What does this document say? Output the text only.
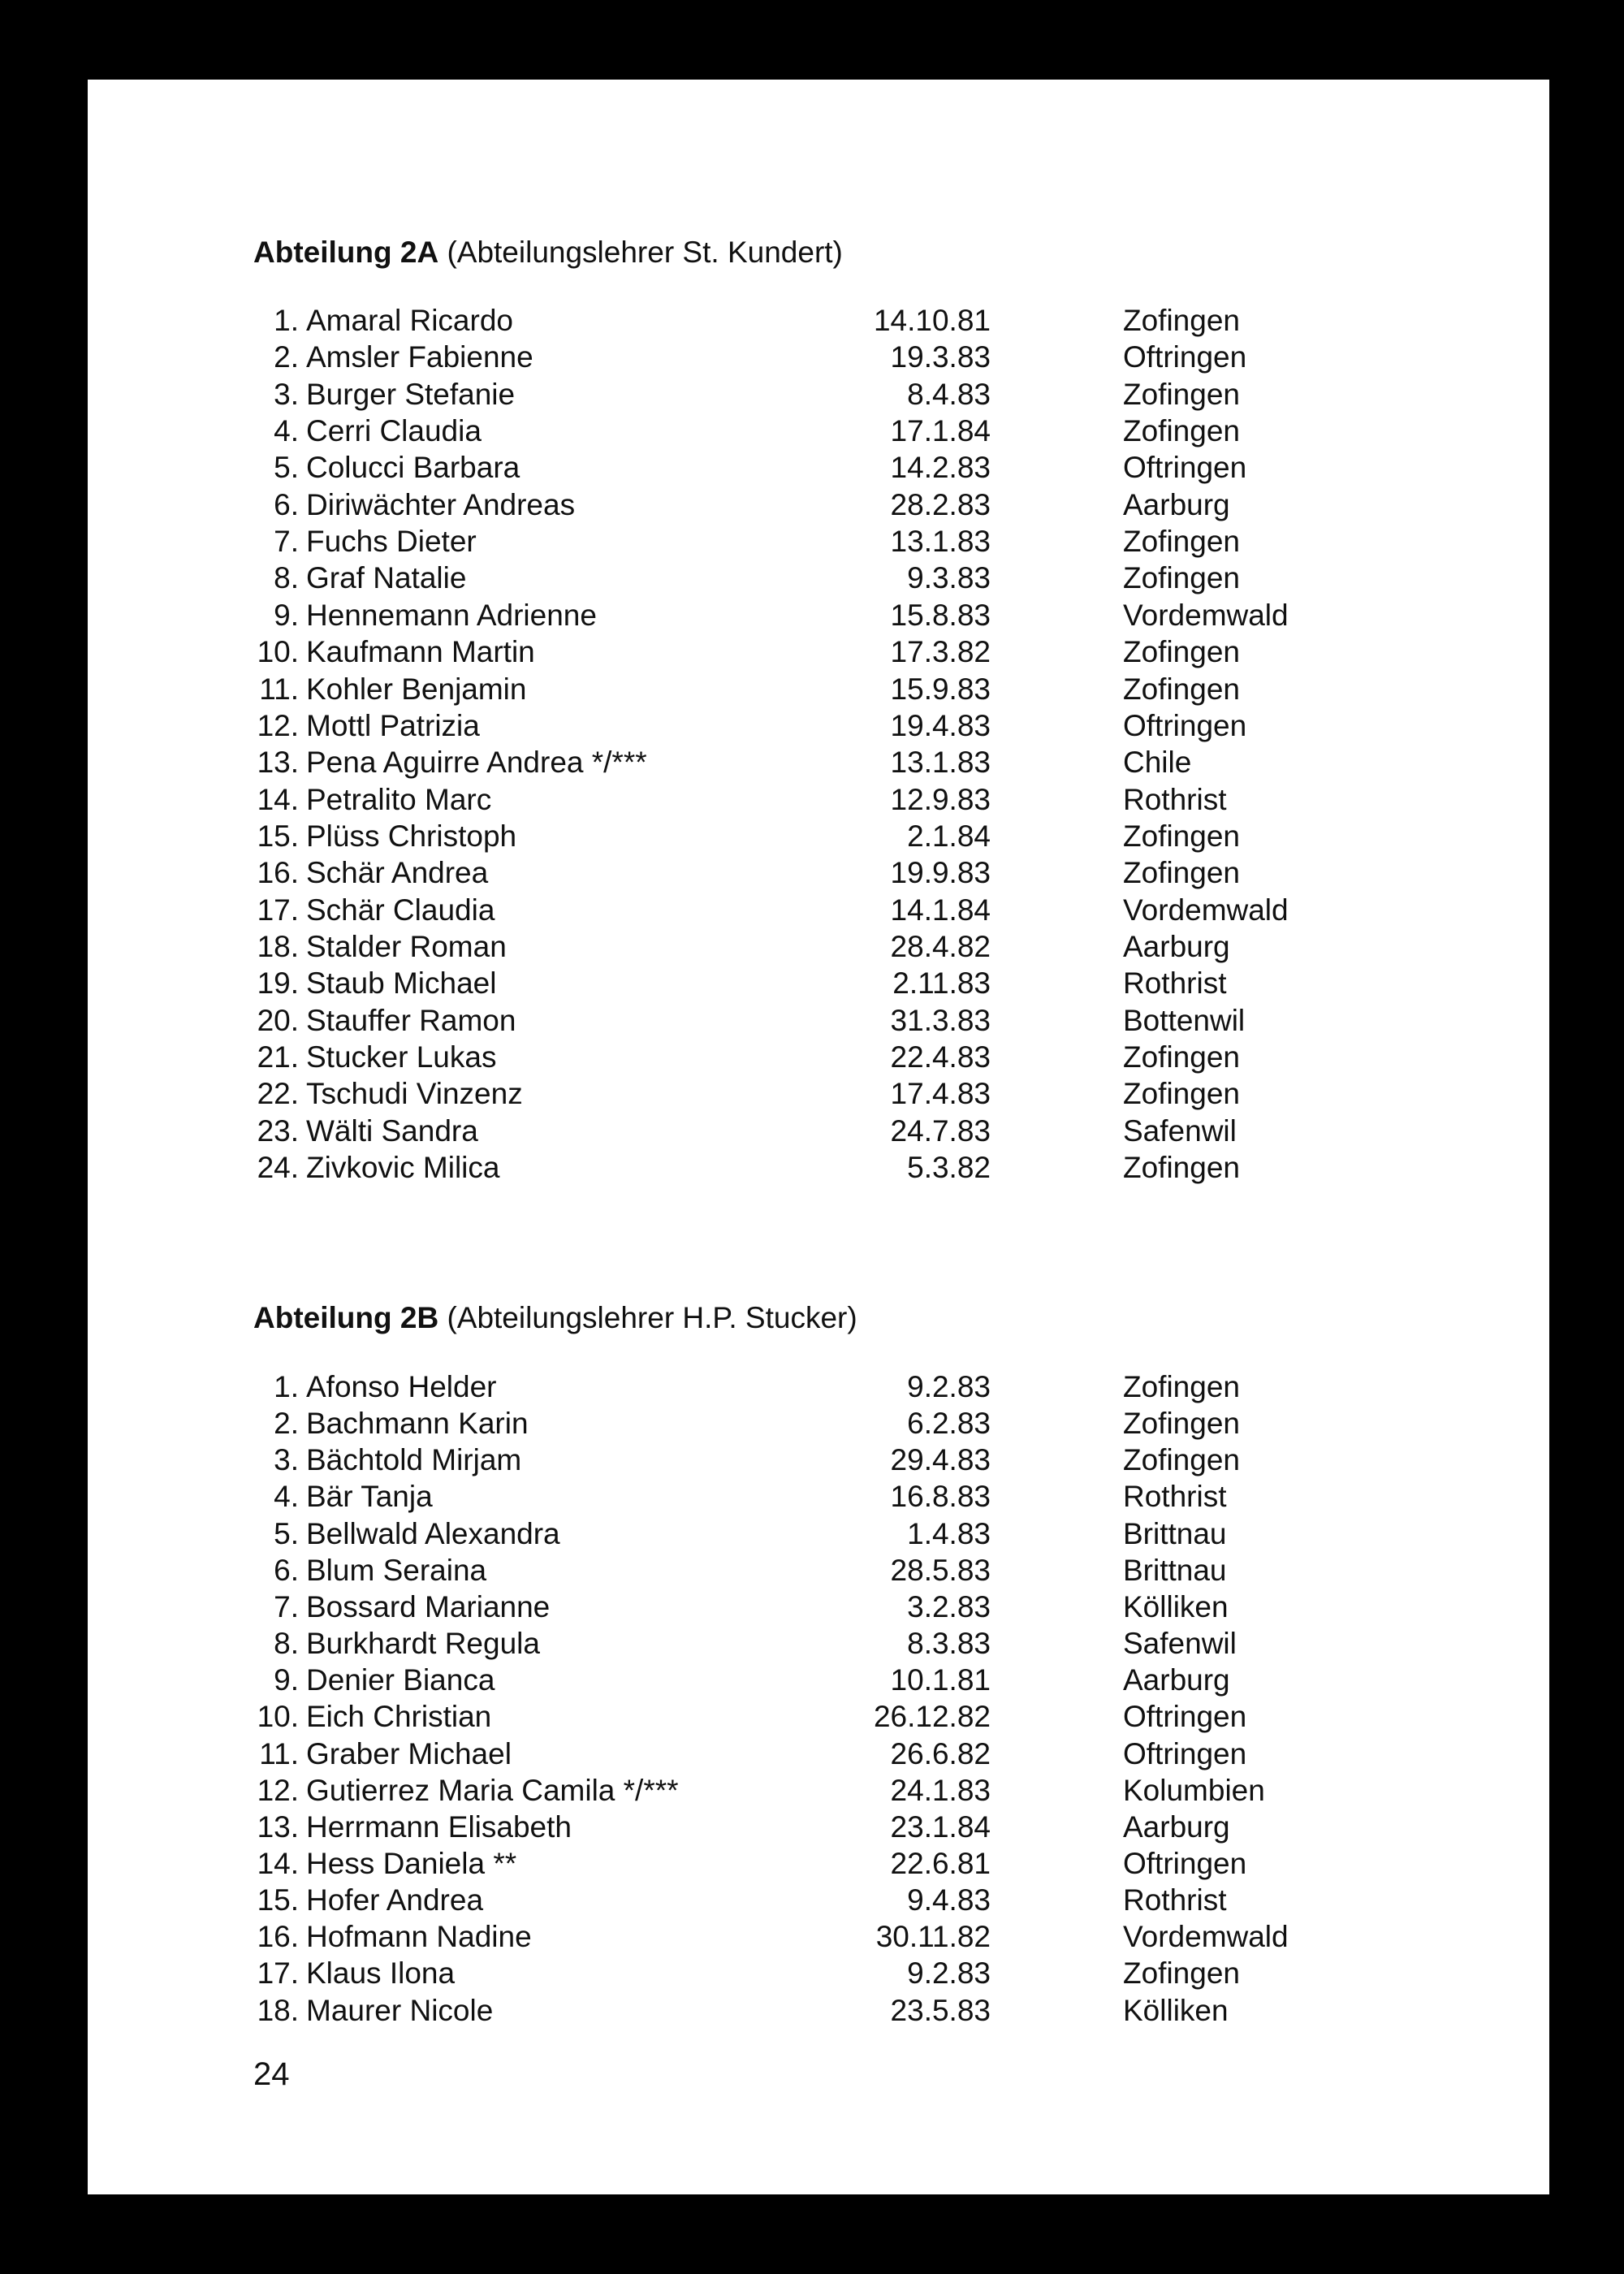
Abteilung 2A (Abteilungslehrer St. Kundert)
1. Amaral Ricardo	14.10.81	Zofingen
2. Amsler Fabienne	19.3.83	Oftringen
3. Burger Stefanie	8.4.83	Zofingen
4. Cerri Claudia	17.1.84	Zofingen
5. Colucci Barbara	14.2.83	Oftringen
6. Diriwächter Andreas	28.2.83	Aarburg
7. Fuchs Dieter	13.1.83	Zofingen
8. Graf Natalie	9.3.83	Zofingen
9. Hennemann Adrienne	15.8.83	Vordemwald
10. Kaufmann Martin	17.3.82	Zofingen
11. Kohler Benjamin	15.9.83	Zofingen
12. Mottl Patrizia	19.4.83	Oftringen
13. Pena Aguirre Andrea */***	13.1.83	Chile
14. Petralito Marc	12.9.83	Rothrist
15. Plüss Christoph	2.1.84	Zofingen
16. Schär Andrea	19.9.83	Zofingen
17. Schär Claudia	14.1.84	Vordemwald
18. Stalder Roman	28.4.82	Aarburg
19. Staub Michael	2.11.83	Rothrist
20. Stauffer Ramon	31.3.83	Bottenwil
21. Stucker Lukas	22.4.83	Zofingen
22. Tschudi Vinzenz	17.4.83	Zofingen
23. Wälti Sandra	24.7.83	Safenwil
24. Zivkovic Milica	5.3.82	Zofingen
Abteilung 2B (Abteilungslehrer H.P. Stucker)
1. Afonso Helder	9.2.83	Zofingen
2. Bachmann Karin	6.2.83	Zofingen
3. Bächtold Mirjam	29.4.83	Zofingen
4. Bär Tanja	16.8.83	Rothrist
5. Bellwald Alexandra	1.4.83	Brittnau
6. Blum Seraina	28.5.83	Brittnau
7. Bossard Marianne	3.2.83	Kölliken
8. Burkhardt Regula	8.3.83	Safenwil
9. Denier Bianca	10.1.81	Aarburg
10. Eich Christian	26.12.82	Oftringen
11. Graber Michael	26.6.82	Oftringen
12. Gutierrez Maria Camila */***	24.1.83	Kolumbien
13. Herrmann Elisabeth	23.1.84	Aarburg
14. Hess Daniela **	22.6.81	Oftringen
15. Hofer Andrea	9.4.83	Rothrist
16. Hofmann Nadine	30.11.82	Vordemwald
17. Klaus Ilona	9.2.83	Zofingen
18. Maurer Nicole	23.5.83	Kölliken
24
